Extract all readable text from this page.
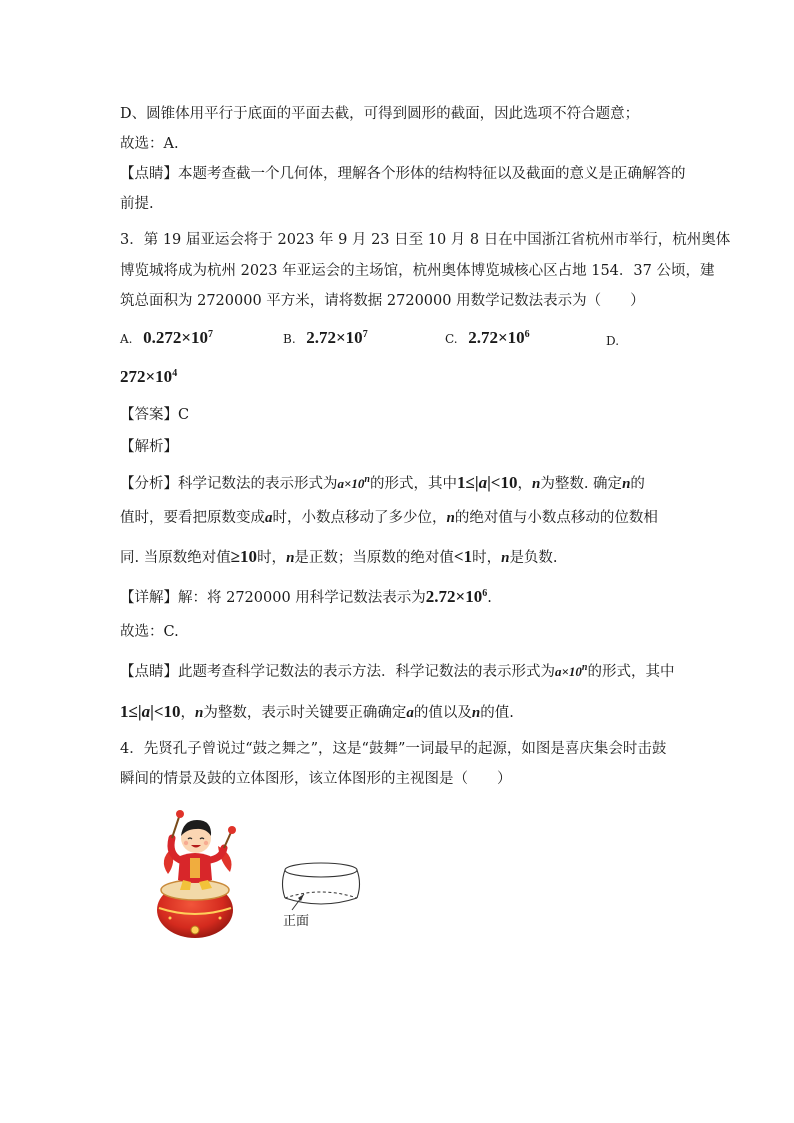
D、圆锥体用平行于底面的平面去截，可得到圆形的截面，因此选项不符合题意；
故选：A.
【点睛】本题考查截一个几何体，理解各个形体的结构特征以及截面的意义是正确解答的
前提.
3．第 19 届亚运会将于 2023 年 9 月 23 日至 10 月 8 日在中国浙江省杭州市举行，杭州奥体
博览城将成为杭州 2023 年亚运会的主场馆，杭州奥体博览城核心区占地 154．37 公顷，建
筑总面积为 2720000 平方米，请将数据 2720000 用数学记数法表示为（　　）
A. $0.272\times 10^7$	B. $2.72\times 10^7$	C. $2.72\times 10^6$	D.
$272\times 10^4$
【答案】C
【解析】
【分析】科学记数法的表示形式为$a\times 10^n$的形式，其中1≤|a|<10，n为整数. 确定n的
值时，要看把原数变成a时，小数点移动了多少位，n的绝对值与小数点移动的位数相
同. 当原数绝对值≥10时，n是正数；当原数的绝对值<1时，n是负数.
【详解】解：将 2720000 用科学记数法表示为$2.72\times 10^6$.
故选：C.
【点睛】此题考查科学记数法的表示方法．科学记数法的表示形式为$a\times 10^n$的形式，其中
1≤|a|<10，n为整数，表示时关键要正确确定a的值以及n的值.
4．先贤孔子曾说过“鼓之舞之”，这是“鼓舞”一词最早的起源，如图是喜庆集会时击鼓
瞬间的情景及鼓的立体图形，该立体图形的主视图是（　　）
正面
